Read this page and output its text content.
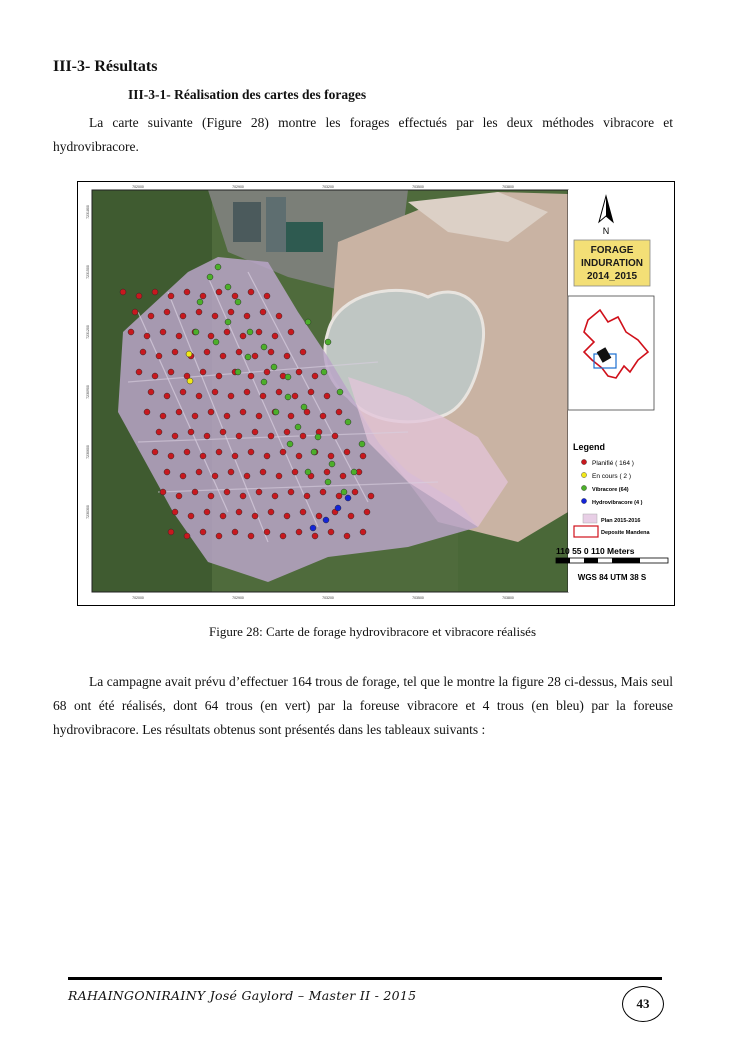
III-3- Résultats
III-3-1- Réalisation des cartes des forages
La carte suivante (Figure 28) montre les forages effectués par les deux méthodes vibracore et hydrovibracore.
702000	702900	703200	703500	703800
702000	702900	703200	703500	703800
7231800
7231500
7231200
7230900
7230600
7230300
N
FORAGE
INDURATION
2014_2015
Legend
Planifié ( 164 )
En cours ( 2 )
Vibracore (64)
Hydrovibracore (4 )
Plan 2015-2016
Deposite Mandena
110 55 0 110 Meters
WGS 84 UTM 38 S
Figure 28: Carte de forage hydrovibracore et vibracore réalisés
La campagne avait prévu d’effectuer 164 trous de forage, tel que le montre la figure 28 ci-dessus, Mais seul 68 ont été réalisés, dont 64 trous (en vert) par la foreuse vibracore et 4 trous (en bleu) par la foreuse hydrovibracore. Les résultats obtenus sont présentés dans les tableaux suivants :
RAHAINGONIRAINY José Gaylord – Master II - 2015
43
